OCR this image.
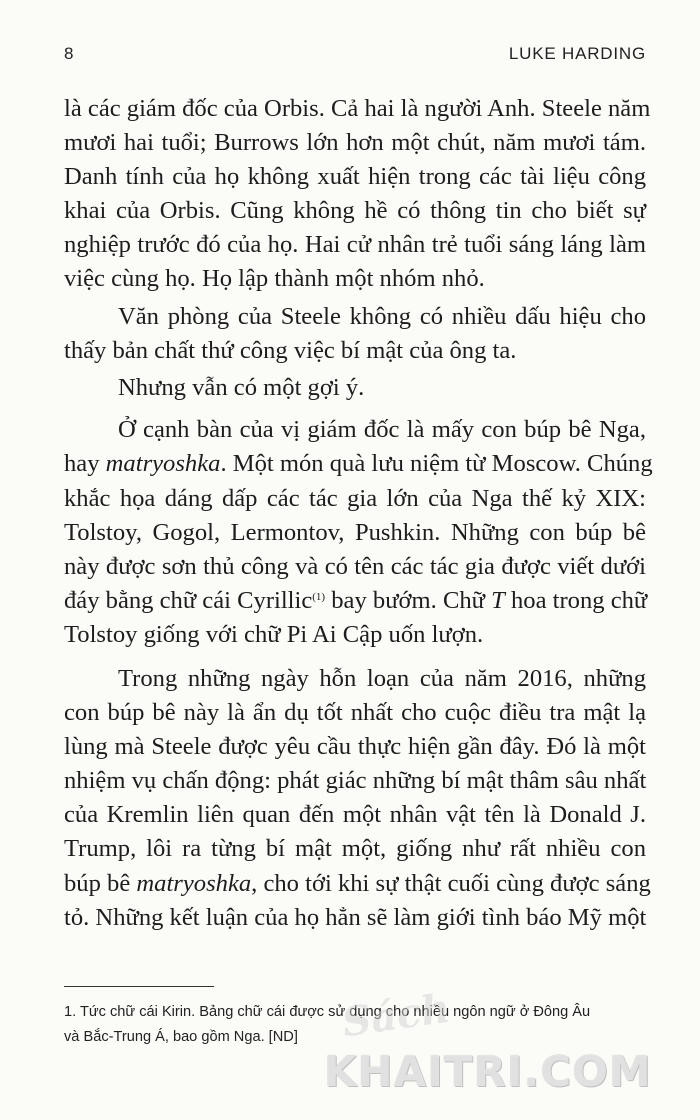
8	LUKE HARDING
là các giám đốc của Orbis. Cả hai là người Anh. Steele năm
mươi hai tuổi; Burrows lớn hơn một chút, năm mươi tám.
Danh tính của họ không xuất hiện trong các tài liệu công
khai của Orbis. Cũng không hề có thông tin cho biết sự
nghiệp trước đó của họ. Hai cử nhân trẻ tuổi sáng láng làm
việc cùng họ. Họ lập thành một nhóm nhỏ.
Văn phòng của Steele không có nhiều dấu hiệu cho
thấy bản chất thứ công việc bí mật của ông ta.
Nhưng vẫn có một gợi ý.
Ở cạnh bàn của vị giám đốc là mấy con búp bê Nga,
hay matryoshka. Một món quà lưu niệm từ Moscow. Chúng
khắc họa dáng dấp các tác gia lớn của Nga thế kỷ XIX:
Tolstoy, Gogol, Lermontov, Pushkin. Những con búp bê
này được sơn thủ công và có tên các tác gia được viết dưới
đáy bằng chữ cái Cyrillic$^{(1)}$ bay bướm. Chữ T hoa trong chữ
Tolstoy giống với chữ Pi Ai Cập uốn lượn.
Trong những ngày hỗn loạn của năm 2016, những
con búp bê này là ẩn dụ tốt nhất cho cuộc điều tra mật lạ
lùng mà Steele được yêu cầu thực hiện gần đây. Đó là một
nhiệm vụ chấn động: phát giác những bí mật thâm sâu nhất
của Kremlin liên quan đến một nhân vật tên là Donald J.
Trump, lôi ra từng bí mật một, giống như rất nhiều con
búp bê matryoshka, cho tới khi sự thật cuối cùng được sáng
tỏ. Những kết luận của họ hẳn sẽ làm giới tình báo Mỹ một
1. Tức chữ cái Kirin. Bảng chữ cái được sử dụng cho nhiều ngôn ngữ ở Đông Âu
và Bắc-Trung Á, bao gồm Nga. [ND]	Sách
KHAITRI.COM
